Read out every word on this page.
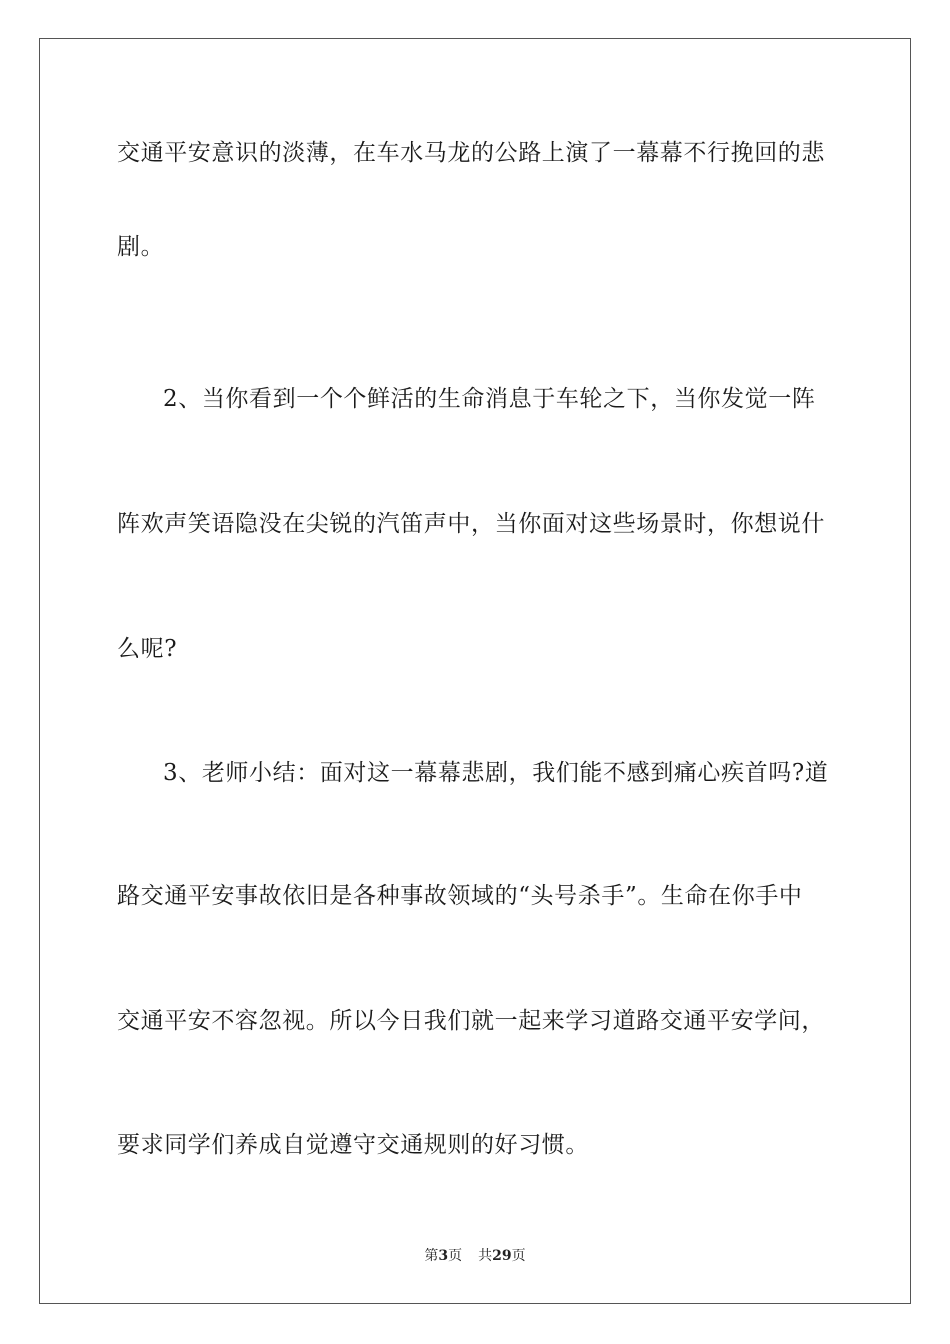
交通平安意识的淡薄，在车水马龙的公路上演了一幕幕不行挽回的悲
剧。
2、当你看到一个个鲜活的生命消息于车轮之下，当你发觉一阵
阵欢声笑语隐没在尖锐的汽笛声中，当你面对这些场景时，你想说什
么呢?
3、老师小结：面对这一幕幕悲剧，我们能不感到痛心疾首吗?道
路交通平安事故依旧是各种事故领域的“头号杀手”。生命在你手中
交通平安不容忽视。所以今日我们就一起来学习道路交通平安学问，
要求同学们养成自觉遵守交通规则的好习惯。
第3页 共29页
